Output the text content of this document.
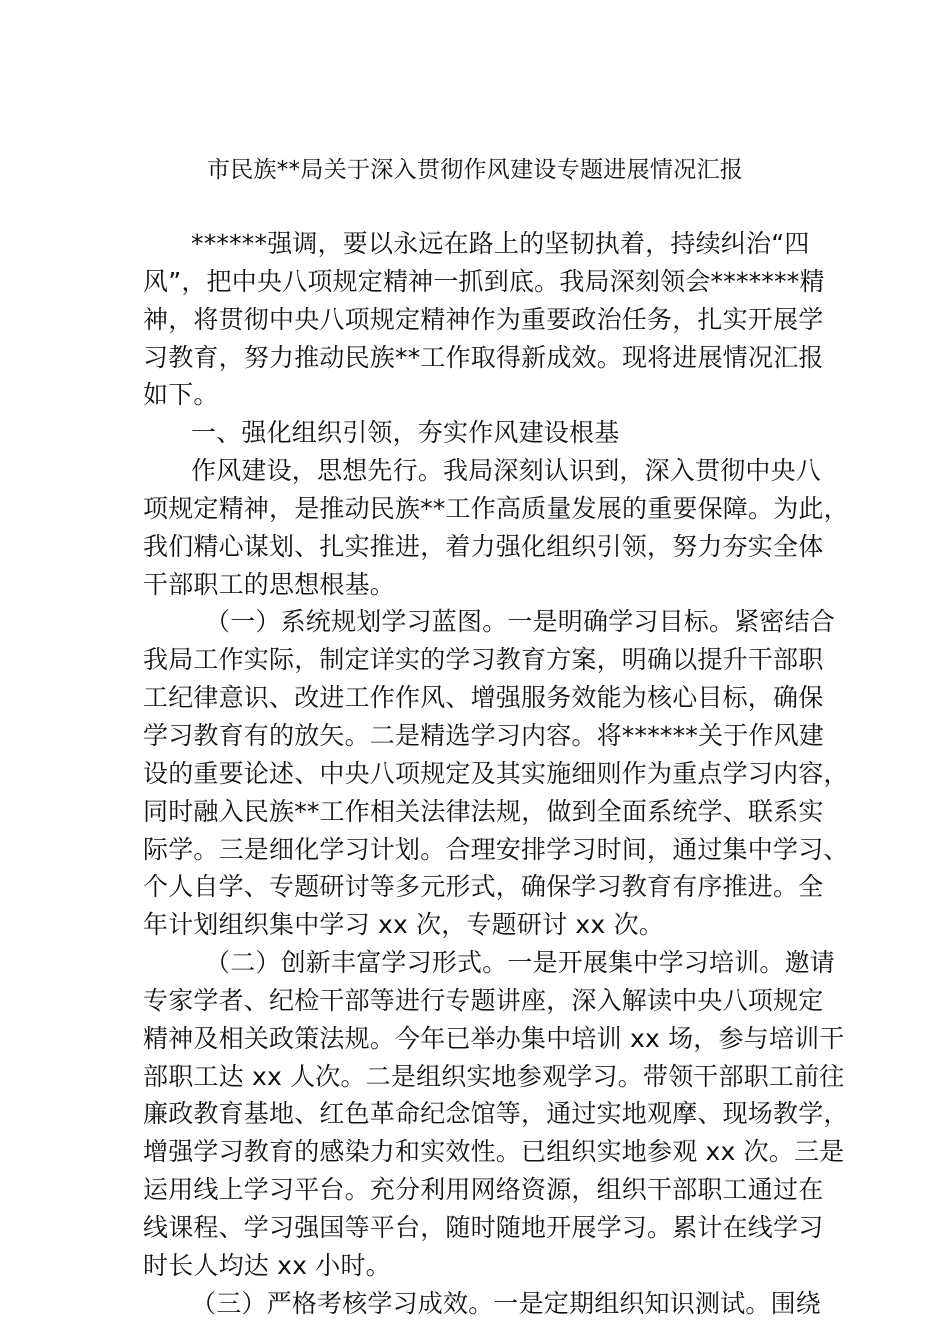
市民族**局关于深入贯彻作风建设专题进展情况汇报
******强调，要以永远在路上的坚韧执着，持续纠治“四
风”，把中央八项规定精神一抓到底。我局深刻领会*******精
神，将贯彻中央八项规定精神作为重要政治任务，扎实开展学
习教育，努力推动民族**工作取得新成效。现将进展情况汇报
如下。
一、强化组织引领，夯实作风建设根基
作风建设，思想先行。我局深刻认识到，深入贯彻中央八
项规定精神，是推动民族**工作高质量发展的重要保障。为此，
我们精心谋划、扎实推进，着力强化组织引领，努力夯实全体
干部职工的思想根基。
（一）系统规划学习蓝图。一是明确学习目标。紧密结合
我局工作实际，制定详实的学习教育方案，明确以提升干部职
工纪律意识、改进工作作风、增强服务效能为核心目标，确保
学习教育有的放矢。二是精选学习内容。将******关于作风建
设的重要论述、中央八项规定及其实施细则作为重点学习内容，
同时融入民族**工作相关法律法规，做到全面系统学、联系实
际学。三是细化学习计划。合理安排学习时间，通过集中学习、
个人自学、专题研讨等多元形式，确保学习教育有序推进。全
年计划组织集中学习 xx 次，专题研讨 xx 次。
（二）创新丰富学习形式。一是开展集中学习培训。邀请
专家学者、纪检干部等进行专题讲座，深入解读中央八项规定
精神及相关政策法规。今年已举办集中培训 xx 场，参与培训干
部职工达 xx 人次。二是组织实地参观学习。带领干部职工前往
廉政教育基地、红色革命纪念馆等，通过实地观摩、现场教学，
增强学习教育的感染力和实效性。已组织实地参观 xx 次。三是
运用线上学习平台。充分利用网络资源，组织干部职工通过在
线课程、学习强国等平台，随时随地开展学习。累计在线学习
时长人均达 xx 小时。
（三）严格考核学习成效。一是定期组织知识测试。围绕
